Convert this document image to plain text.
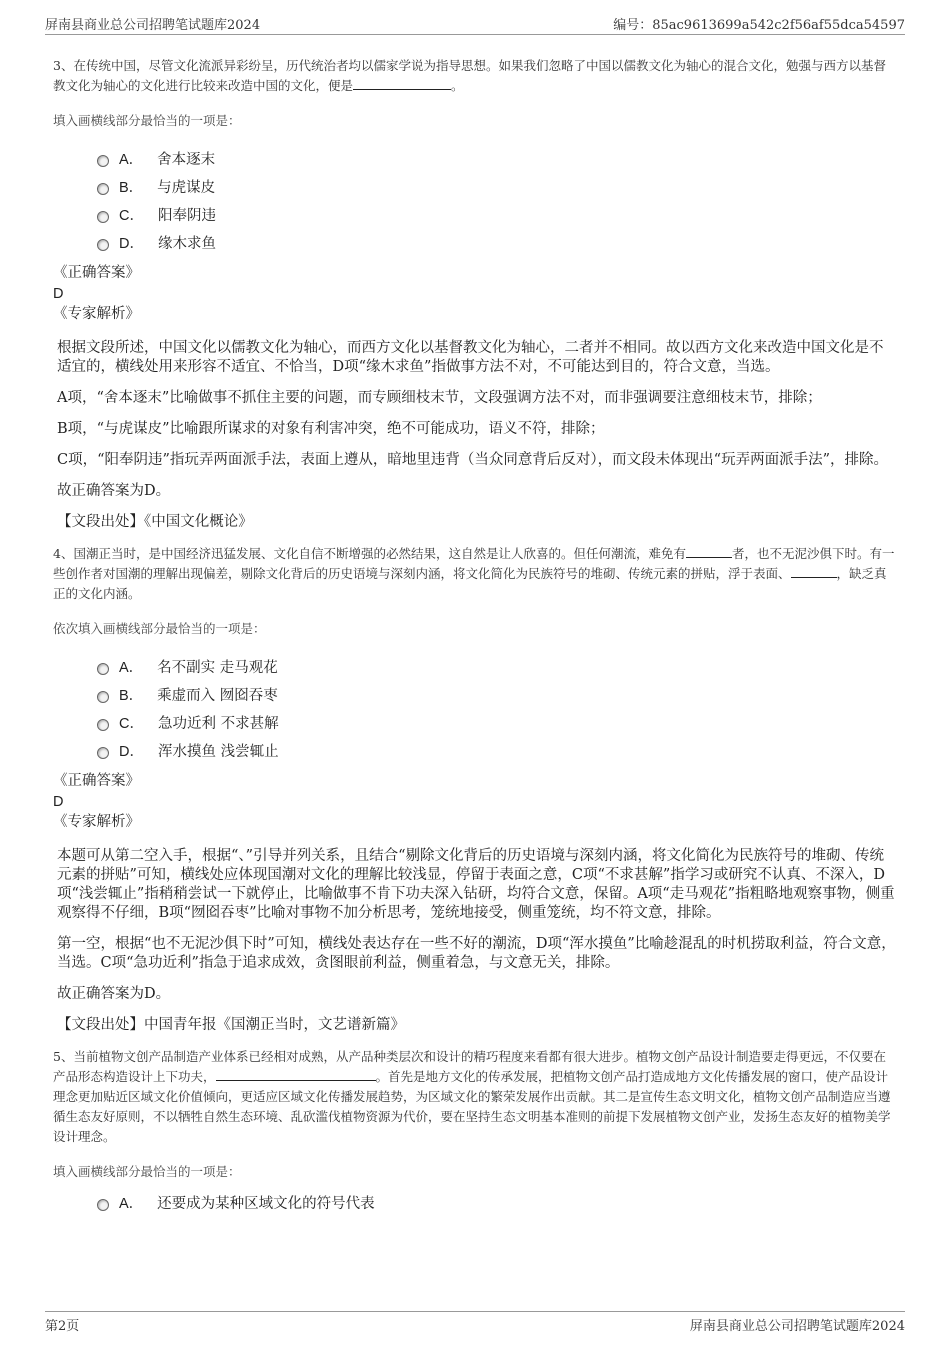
屏南县商业总公司招聘笔试题库2024	编号：85ac9613699a542c2f56af55dca54597

3、在传统中国，尽管文化流派异彩纷呈，历代统治者均以儒家学说为指导思想。如果我们忽略了中国以儒教文化为轴心的混合文化，勉强与西方以基督教文化为轴心的文化进行比较来改造中国的文化，便是	。

填入画横线部分最恰当的一项是：

A． 舍本逐末
B． 与虎谋皮
C． 阳奉阴违
D． 缘木求鱼

《正确答案》

D

《专家解析》

根据文段所述，中国文化以儒教文化为轴心，而西方文化以基督教文化为轴心，二者并不相同。故以西方文化来改造中国文化是不适宜的，横线处用来形容不适宜、不恰当，D项“缘木求鱼”指做事方法不对，不可能达到目的，符合文意，当选。

A项，“舍本逐末”比喻做事不抓住主要的问题，而专顾细枝末节，文段强调方法不对，而非强调要注意细枝末节，排除；

B项，“与虎谋皮”比喻跟所谋求的对象有利害冲突，绝不可能成功，语义不符，排除；

C项，“阳奉阴违”指玩弄两面派手法，表面上遵从，暗地里违背（当众同意背后反对），而文段未体现出“玩弄两面派手法”，排除。

故正确答案为D。

【文段出处】《中国文化概论》

4、国潮正当时，是中国经济迅猛发展、文化自信不断增强的必然结果，这自然是让人欣喜的。但任何潮流，难免有	者，也不无泥沙俱下时。有一些创作者对国潮的理解出现偏差，剔除文化背后的历史语境与深刻内涵，将文化简化为民族符号的堆砌、传统元素的拼贴，浮于表面、	，缺乏真正的文化内涵。

依次填入画横线部分最恰当的一项是：

A． 名不副实 走马观花
B． 乘虚而入 囫囵吞枣
C． 急功近利 不求甚解
D． 浑水摸鱼 浅尝辄止

《正确答案》

D

《专家解析》

本题可从第二空入手，根据“、”引导并列关系，且结合“剔除文化背后的历史语境与深刻内涵，将文化简化为民族符号的堆砌、传统元素的拼贴”可知，横线处应体现国潮对文化的理解比较浅显，停留于表面之意，C项“不求甚解”指学习或研究不认真、不深入，D项“浅尝辄止”指稍稍尝试一下就停止，比喻做事不肯下功夫深入钻研，均符合文意，保留。A项“走马观花”指粗略地观察事物，侧重观察得不仔细，B项“囫囵吞枣”比喻对事物不加分析思考，笼统地接受，侧重笼统，均不符文意，排除。

第一空，根据“也不无泥沙俱下时”可知，横线处表达存在一些不好的潮流，D项“浑水摸鱼”比喻趁混乱的时机捞取利益，符合文意，当选。C项“急功近利”指急于追求成效，贪图眼前利益，侧重着急，与文意无关，排除。

故正确答案为D。

【文段出处】中国青年报《国潮正当时，文艺谱新篇》

5、当前植物文创产品制造产业体系已经相对成熟，从产品种类层次和设计的精巧程度来看都有很大进步。植物文创产品设计制造要走得更远，不仅要在产品形态构造设计上下功夫，	。首先是地方文化的传承发展，把植物文创产品打造成地方文化传播发展的窗口，使产品设计理念更加贴近区域文化价值倾向，更适应区域文化传播发展趋势，为区域文化的繁荣发展作出贡献。其二是宣传生态文明文化，植物文创产品制造应当遵循生态友好原则，不以牺牲自然生态环境、乱砍滥伐植物资源为代价，要在坚持生态文明基本准则的前提下发展植物文创产业，发扬生态友好的植物美学设计理念。

填入画横线部分最恰当的一项是：

A． 还要成为某种区域文化的符号代表
第2页	屏南县商业总公司招聘笔试题库2024
